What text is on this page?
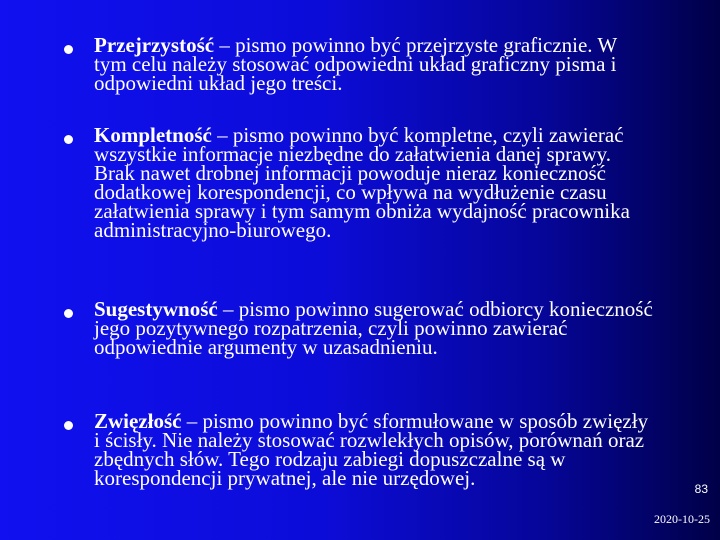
Przejrzystość – pismo powinno być przejrzyste graficznie. W tym celu należy stosować odpowiedni układ graficzny pisma i odpowiedni układ jego treści.

Kompletność – pismo powinno być kompletne, czyli zawierać wszystkie informacje niezbędne do załatwienia danej sprawy. Brak nawet drobnej informacji powoduje nieraz konieczność dodatkowej korespondencji, co wpływa na wydłużenie czasu załatwienia sprawy i tym samym obniża wydajność pracownika administracyjno-biurowego.

Sugestywność – pismo powinno sugerować odbiorcy konieczność jego pozytywnego rozpatrzenia, czyli powinno zawierać odpowiednie argumenty w uzasadnieniu.

Zwięzłość – pismo powinno być sformułowane w sposób zwięzły i ścisły. Nie należy stosować rozwlekłych opisów, porównań oraz zbędnych słów. Tego rodzaju zabiegi dopuszczalne są w korespondencji prywatnej, ale nie urzędowej.	83
2020-10-25
